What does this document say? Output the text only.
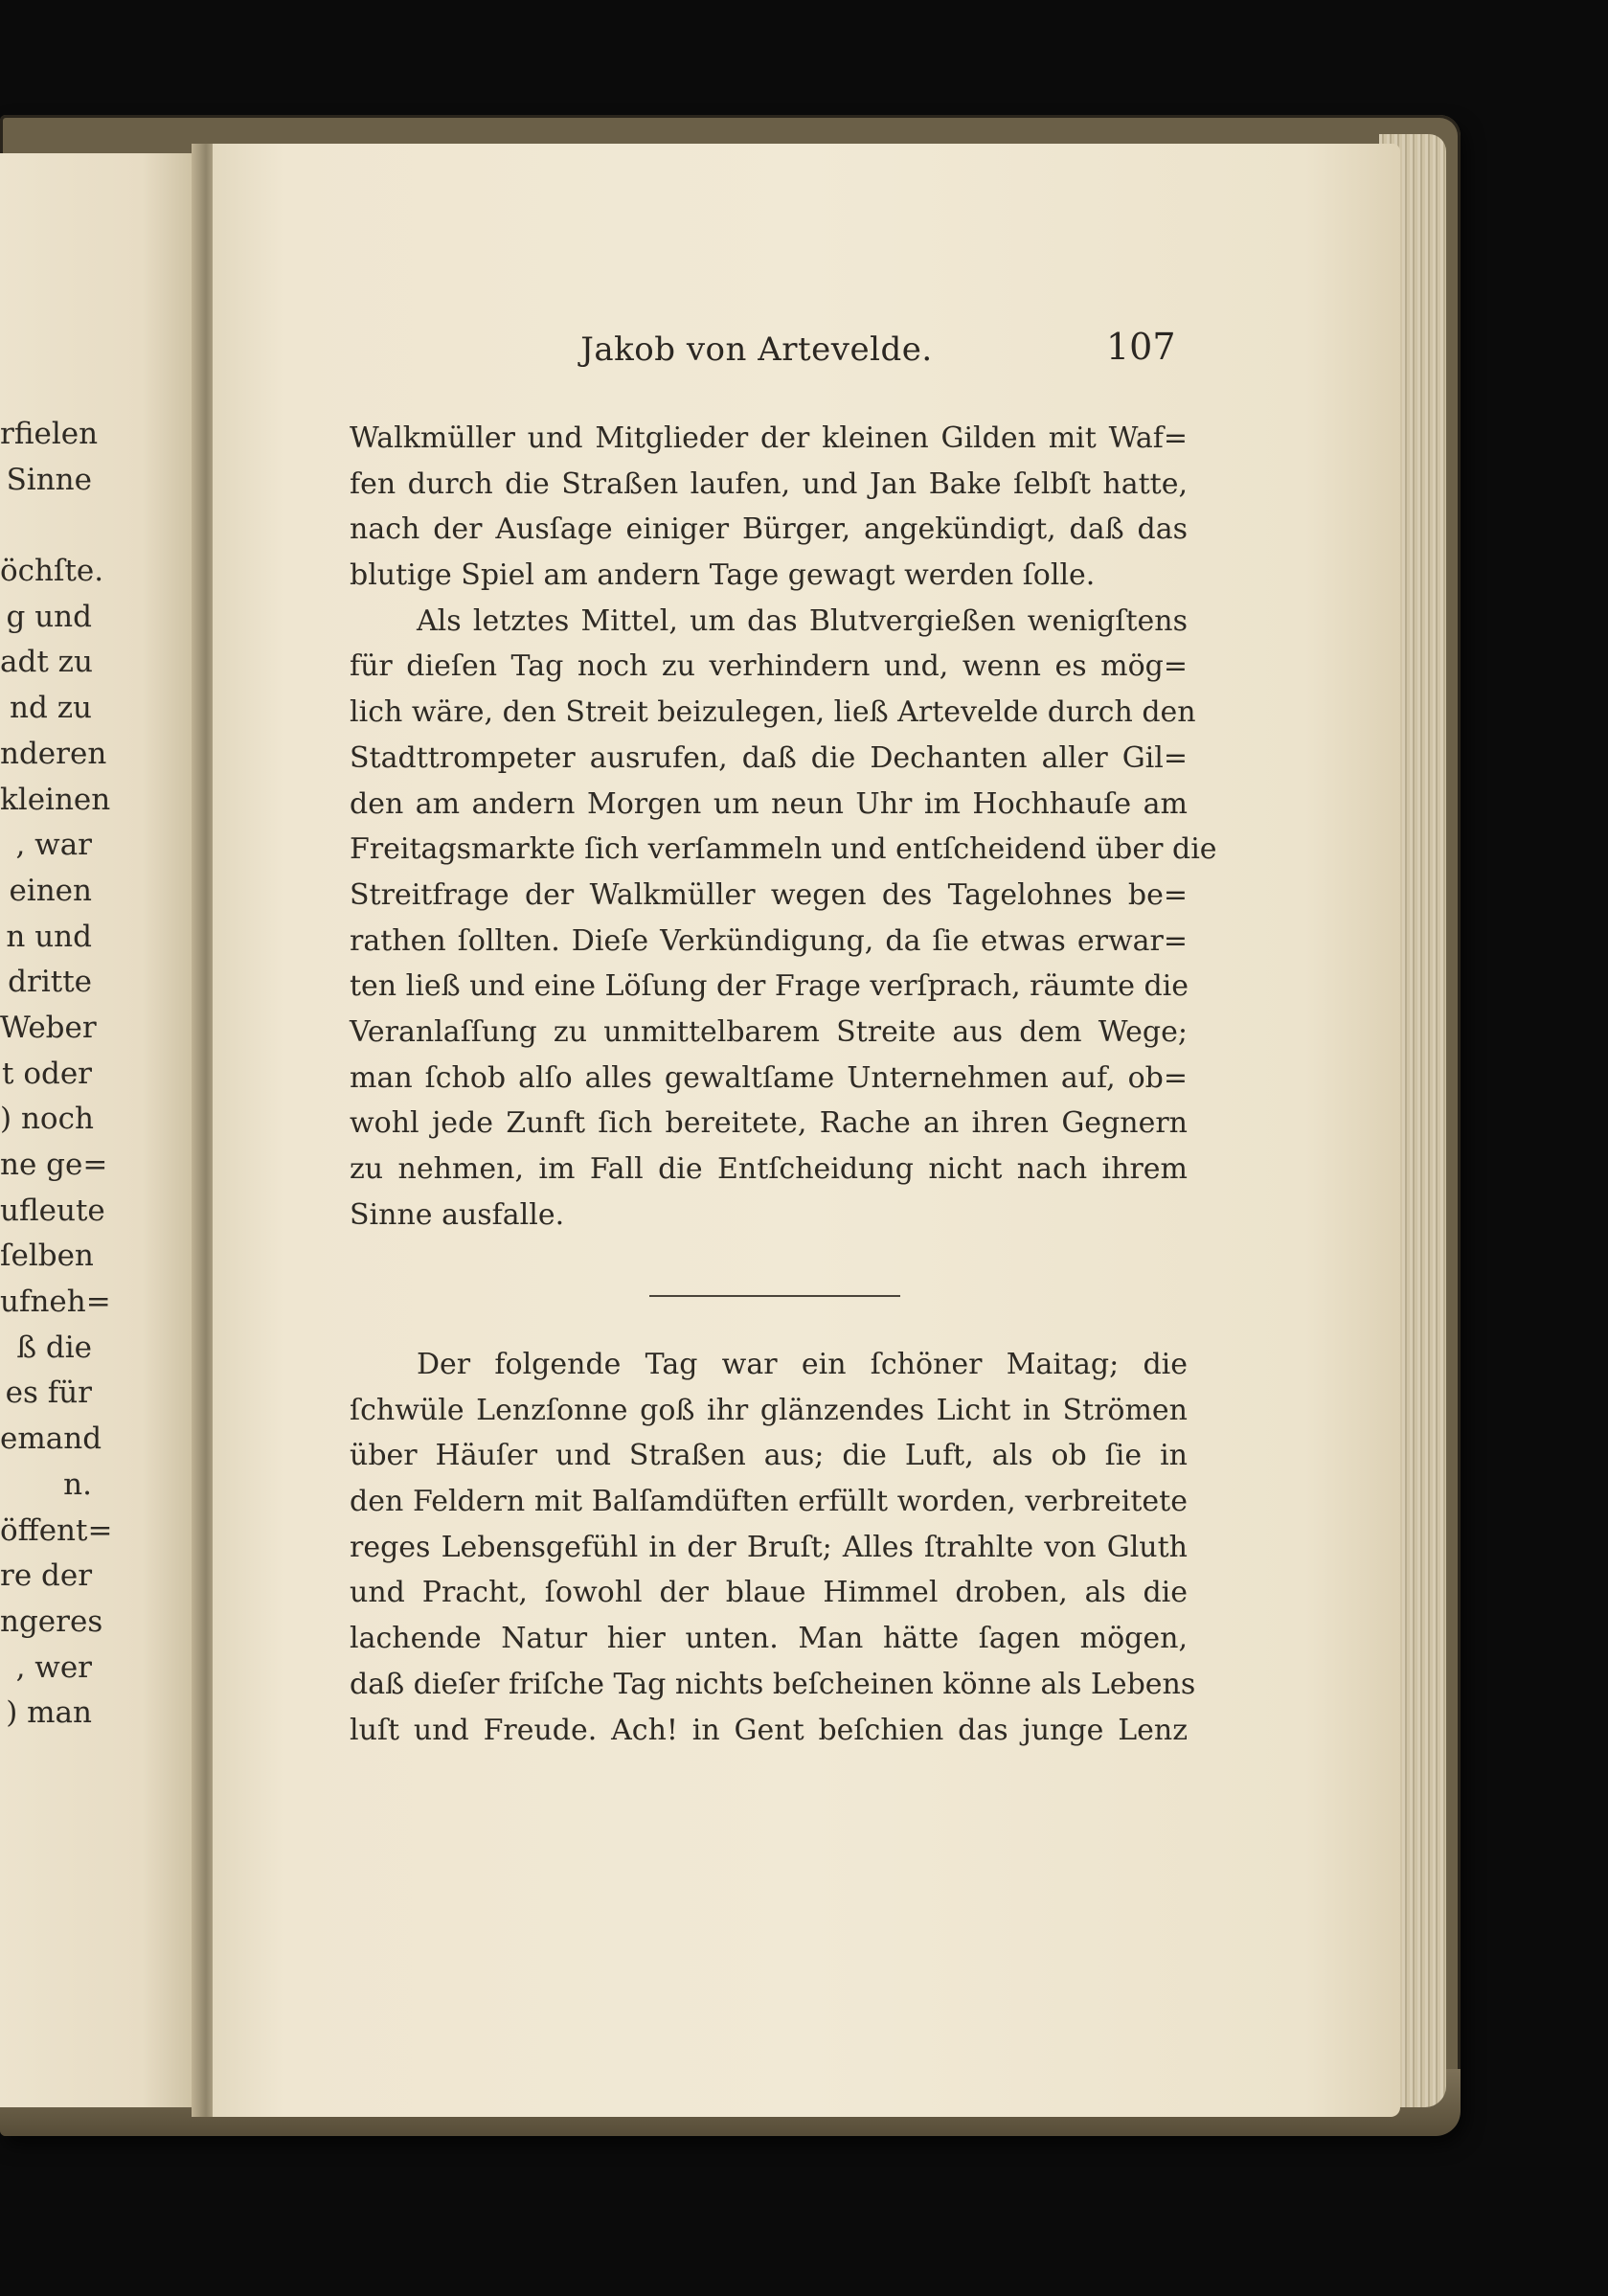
rfielen
Sinne
öchſte.
g und
adt zu
nd zu
nderen
kleinen
, war
einen
n und
dritte
Weber
t oder
) noch
ne ge=
ufleute
ſelben
ufneh=
ß die
es für
emand
n.
öffent=
re der
ngeres
, wer
) man
Jakob von Artevelde.	107
Walkmüller und Mitglieder der kleinen Gilden mit Waf=
fen durch die Straßen laufen, und Jan Bake ſelbſt hatte,
nach der Ausſage einiger Bürger, angekündigt, daß das
blutige Spiel am andern Tage gewagt werden ſolle.
Als letztes Mittel, um das Blutvergießen wenigſtens
für dieſen Tag noch zu verhindern und, wenn es mög=
lich wäre, den Streit beizulegen, ließ Artevelde durch den
Stadttrompeter ausrufen, daß die Dechanten aller Gil=
den am andern Morgen um neun Uhr im Hochhauſe am
Freitagsmarkte ſich verſammeln und entſcheidend über die
Streitfrage der Walkmüller wegen des Tagelohnes be=
rathen ſollten. Dieſe Verkündigung, da ſie etwas erwar=
ten ließ und eine Löſung der Frage verſprach, räumte die
Veranlaſſung zu unmittelbarem Streite aus dem Wege;
man ſchob alſo alles gewaltſame Unternehmen auf, ob=
wohl jede Zunft ſich bereitete, Rache an ihren Gegnern
zu nehmen, im Fall die Entſcheidung nicht nach ihrem
Sinne ausfalle.
Der folgende Tag war ein ſchöner Maitag; die
ſchwüle Lenzſonne goß ihr glänzendes Licht in Strömen
über Häuſer und Straßen aus; die Luft, als ob ſie in
den Feldern mit Balſamdüften erfüllt worden, verbreitete
reges Lebensgefühl in der Bruſt; Alles ſtrahlte von Gluth
und Pracht, ſowohl der blaue Himmel droben, als die
lachende Natur hier unten. Man hätte ſagen mögen,
daß dieſer friſche Tag nichts beſcheinen könne als Lebens
luſt und Freude. Ach! in Gent beſchien das junge Lenz
